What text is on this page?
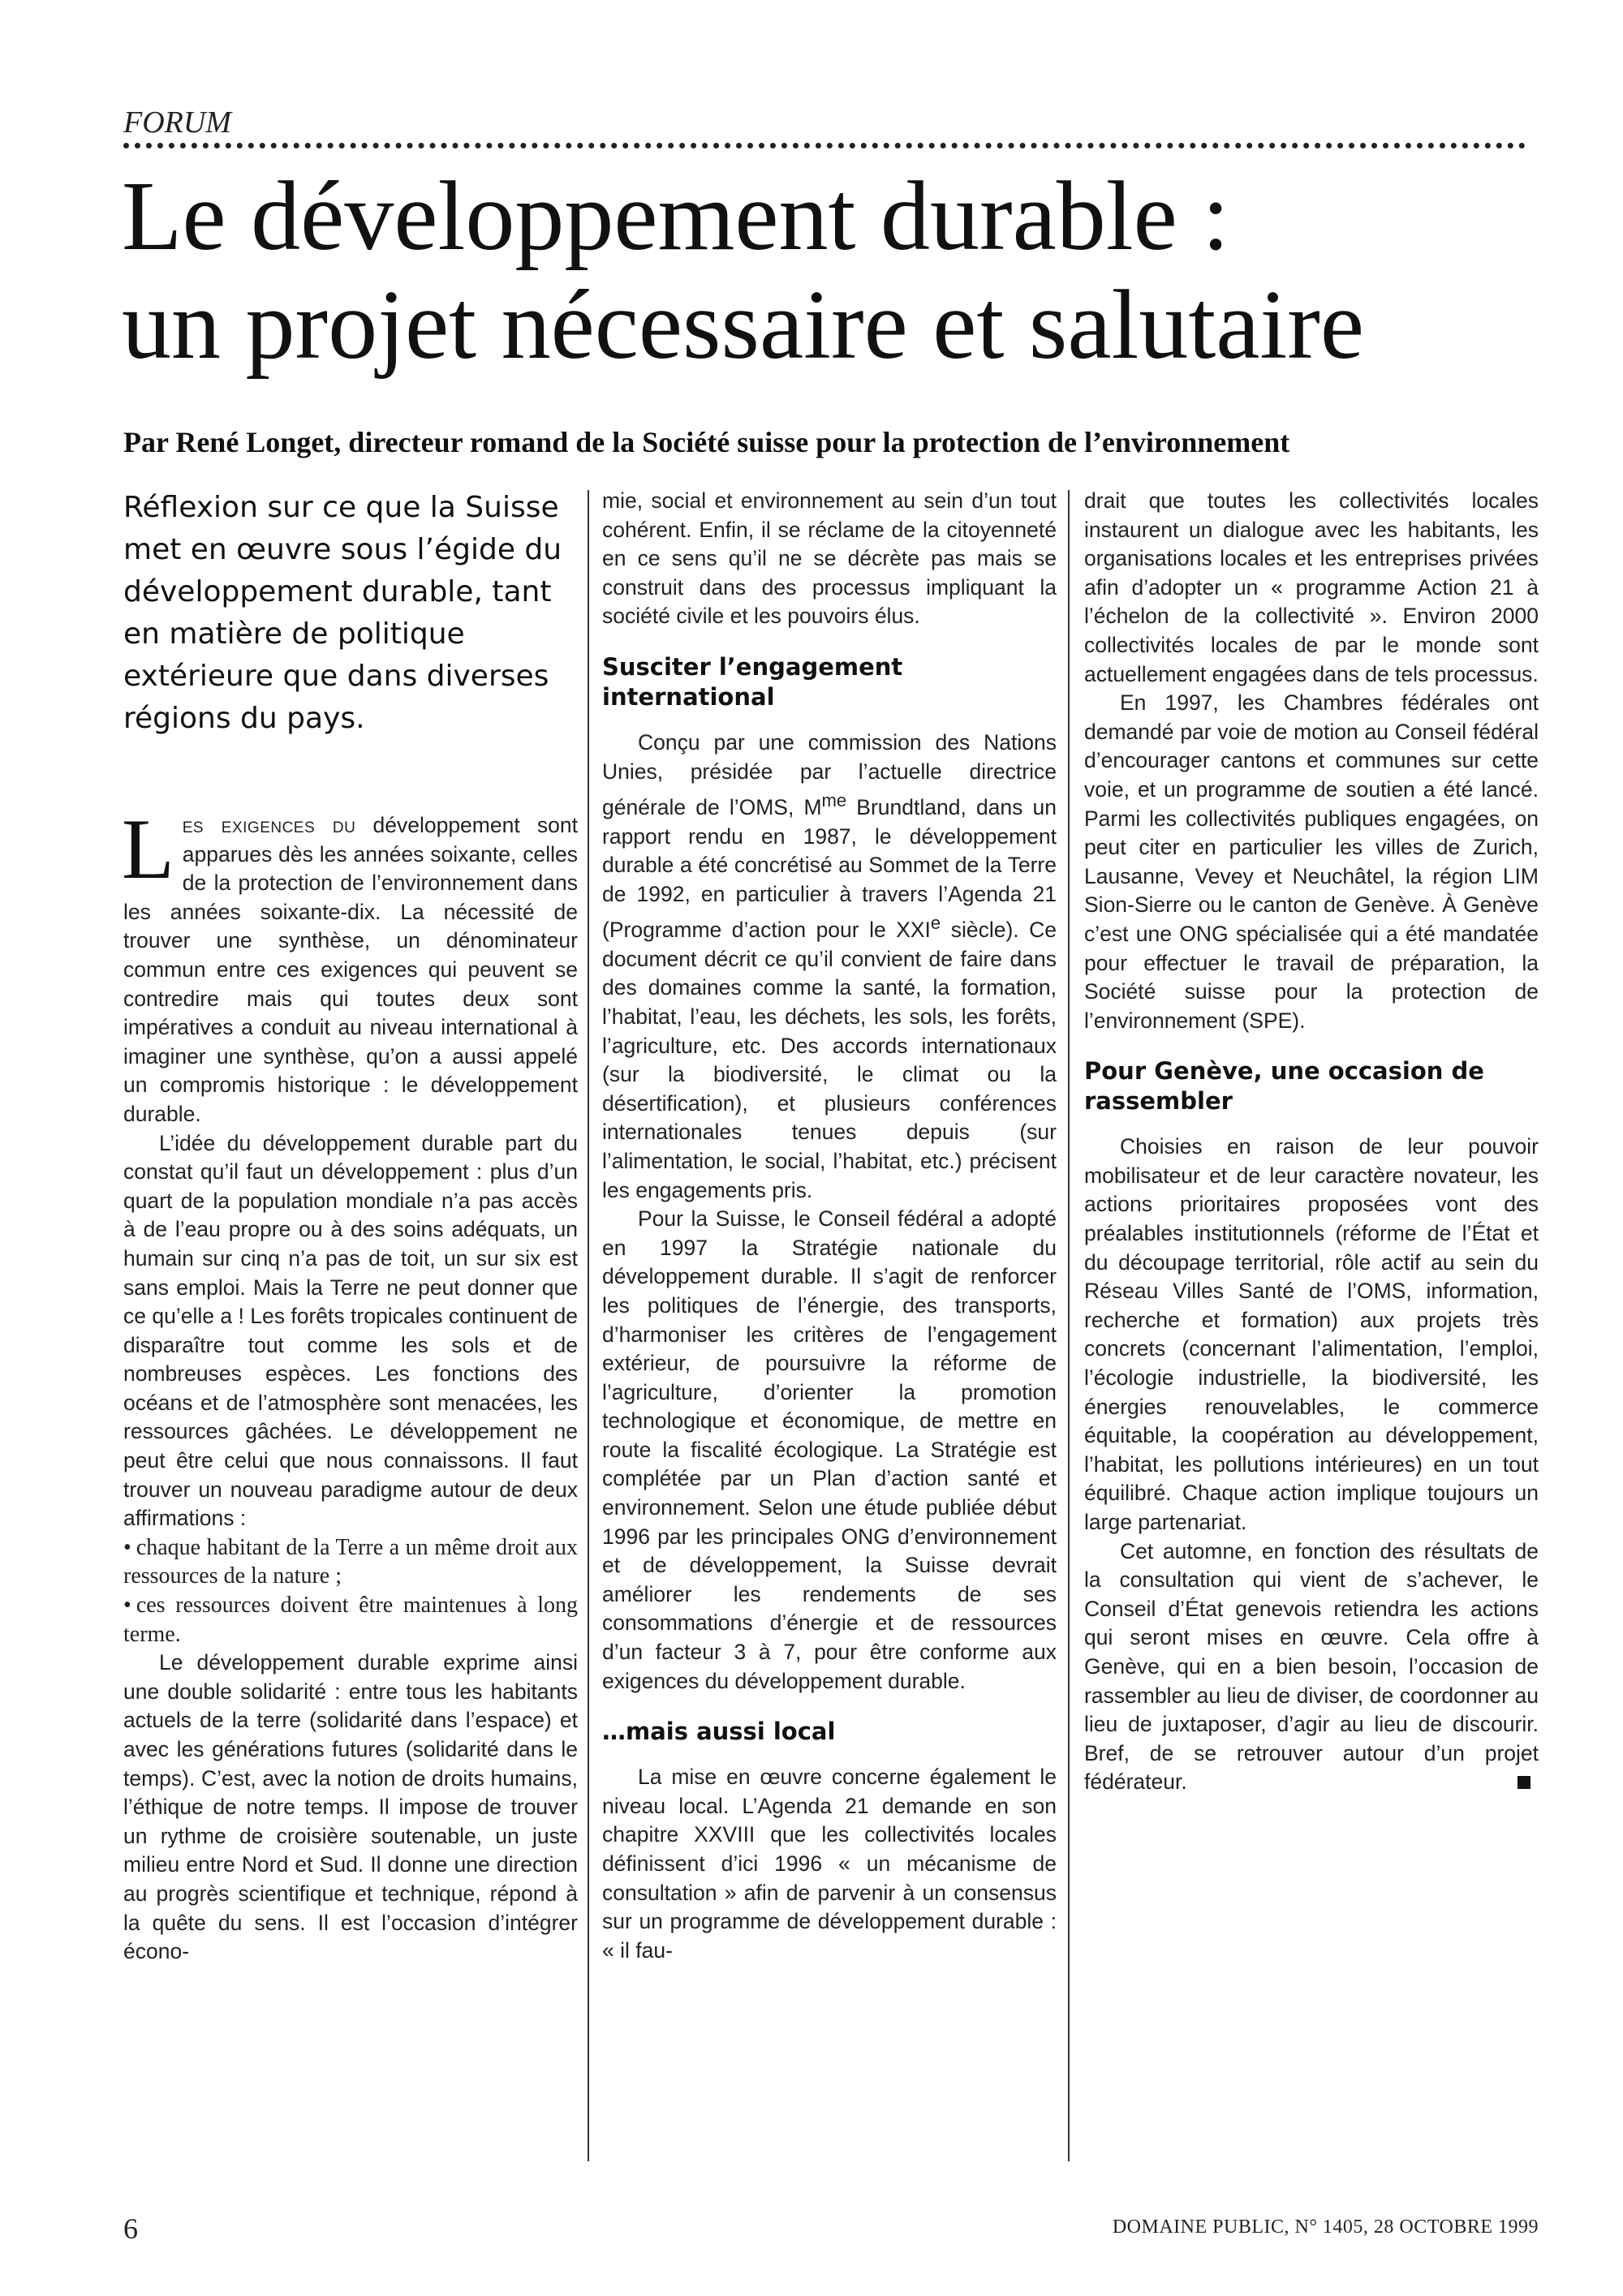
FORUM
Le développement durable :
un projet nécessaire et salutaire
Par René Longet, directeur romand de la Société suisse pour la protection de l’environnement

Réflexion sur ce que la Suisse met en œuvre sous l’égide du développement durable, tant en matière de politique extérieure que dans diverses régions du pays.

Les exigences du développement sont apparues dès les années soixante, celles de la protection de l’environnement dans les années soixante-dix. La nécessité de trouver une synthèse, un dénominateur commun entre ces exigences qui peuvent se contredire mais qui toutes deux sont impératives a conduit au niveau international à imaginer une synthèse, qu’on a aussi appelé un compromis historique : le développement durable.

L’idée du développement durable part du constat qu’il faut un développement : plus d’un quart de la population mondiale n’a pas accès à de l’eau propre ou à des soins adéquats, un humain sur cinq n’a pas de toit, un sur six est sans emploi. Mais la Terre ne peut donner que ce qu’elle a ! Les forêts tropicales continuent de disparaître tout comme les sols et de nombreuses espèces. Les fonctions des océans et de l’atmosphère sont menacées, les ressources gâchées. Le développement ne peut être celui que nous connaissons. Il faut trouver un nouveau paradigme autour de deux affirmations :

• chaque habitant de la Terre a un même droit aux ressources de la nature ;
• ces ressources doivent être maintenues à long terme.

Le développement durable exprime ainsi une double solidarité : entre tous les habitants actuels de la terre (solidarité dans l’espace) et avec les générations futures (solidarité dans le temps). C’est, avec la notion de droits humains, l’éthique de notre temps. Il impose de trouver un rythme de croisière soutenable, un juste milieu entre Nord et Sud. Il donne une direction au progrès scientifique et technique, répond à la quête du sens. Il est l’occasion d’intégrer écono-

mie, social et environnement au sein d’un tout cohérent. Enfin, il se réclame de la citoyenneté en ce sens qu’il ne se décrète pas mais se construit dans des processus impliquant la société civile et les pouvoirs élus.

Susciter l’engagement international

Conçu par une commission des Nations Unies, présidée par l’actuelle directrice générale de l’OMS, $M^{me}$ Brundtland, dans un rapport rendu en 1987, le développement durable a été concrétisé au Sommet de la Terre de 1992, en particulier à travers l’Agenda 21 (Programme d’action pour le XXIe siècle). Ce document décrit ce qu’il convient de faire dans des domaines comme la santé, la formation, l’habitat, l’eau, les déchets, les sols, les forêts, l’agriculture, etc. Des accords internationaux (sur la biodiversité, le climat ou la désertification), et plusieurs conférences internationales tenues depuis (sur l’alimentation, le social, l’habitat, etc.) précisent les engagements pris.

Pour la Suisse, le Conseil fédéral a adopté en 1997 la Stratégie nationale du développement durable. Il s’agit de renforcer les politiques de l’énergie, des transports, d’harmoniser les critères de l’engagement extérieur, de poursuivre la réforme de l’agriculture, d’orienter la promotion technologique et économique, de mettre en route la fiscalité écologique. La Stratégie est complétée par un Plan d’action santé et environnement. Selon une étude publiée début 1996 par les principales ONG d’environnement et de développement, la Suisse devrait améliorer les rendements de ses consommations d’énergie et de ressources d’un facteur 3 à 7, pour être conforme aux exigences du développement durable.

…mais aussi local

La mise en œuvre concerne également le niveau local. L’Agenda 21 demande en son chapitre XXVIII que les collectivités locales définissent d’ici 1996 « un mécanisme de consultation » afin de parvenir à un consensus sur un programme de développement durable : « il fau-

drait que toutes les collectivités locales instaurent un dialogue avec les habitants, les organisations locales et les entreprises privées afin d’adopter un « programme Action 21 à l’échelon de la collectivité ». Environ 2000 collectivités locales de par le monde sont actuellement engagées dans de tels processus.

En 1997, les Chambres fédérales ont demandé par voie de motion au Conseil fédéral d’encourager cantons et communes sur cette voie, et un programme de soutien a été lancé. Parmi les collectivités publiques engagées, on peut citer en particulier les villes de Zurich, Lausanne, Vevey et Neuchâtel, la région LIM Sion-Sierre ou le canton de Genève. À Genève c’est une ONG spécialisée qui a été mandatée pour effectuer le travail de préparation, la Société suisse pour la protection de l’environnement (SPE).

Pour Genève, une occasion de rassembler

Choisies en raison de leur pouvoir mobilisateur et de leur caractère novateur, les actions prioritaires proposées vont des préalables institutionnels (réforme de l’État et du découpage territorial, rôle actif au sein du Réseau Villes Santé de l’OMS, information, recherche et formation) aux projets très concrets (concernant l’alimentation, l’emploi, l’écologie industrielle, la biodiversité, les énergies renouvelables, le commerce équitable, la coopération au développement, l’habitat, les pollutions intérieures) en un tout équilibré. Chaque action implique toujours un large partenariat.

Cet automne, en fonction des résultats de la consultation qui vient de s’achever, le Conseil d’État genevois retiendra les actions qui seront mises en œuvre. Cela offre à Genève, qui en a bien besoin, l’occasion de rassembler au lieu de diviser, de coordonner au lieu de juxtaposer, d’agir au lieu de discourir. Bref, de se retrouver autour d’un projet fédérateur.

6	DOMAINE PUBLIC, N° 1405, 28 OCTOBRE 1999
